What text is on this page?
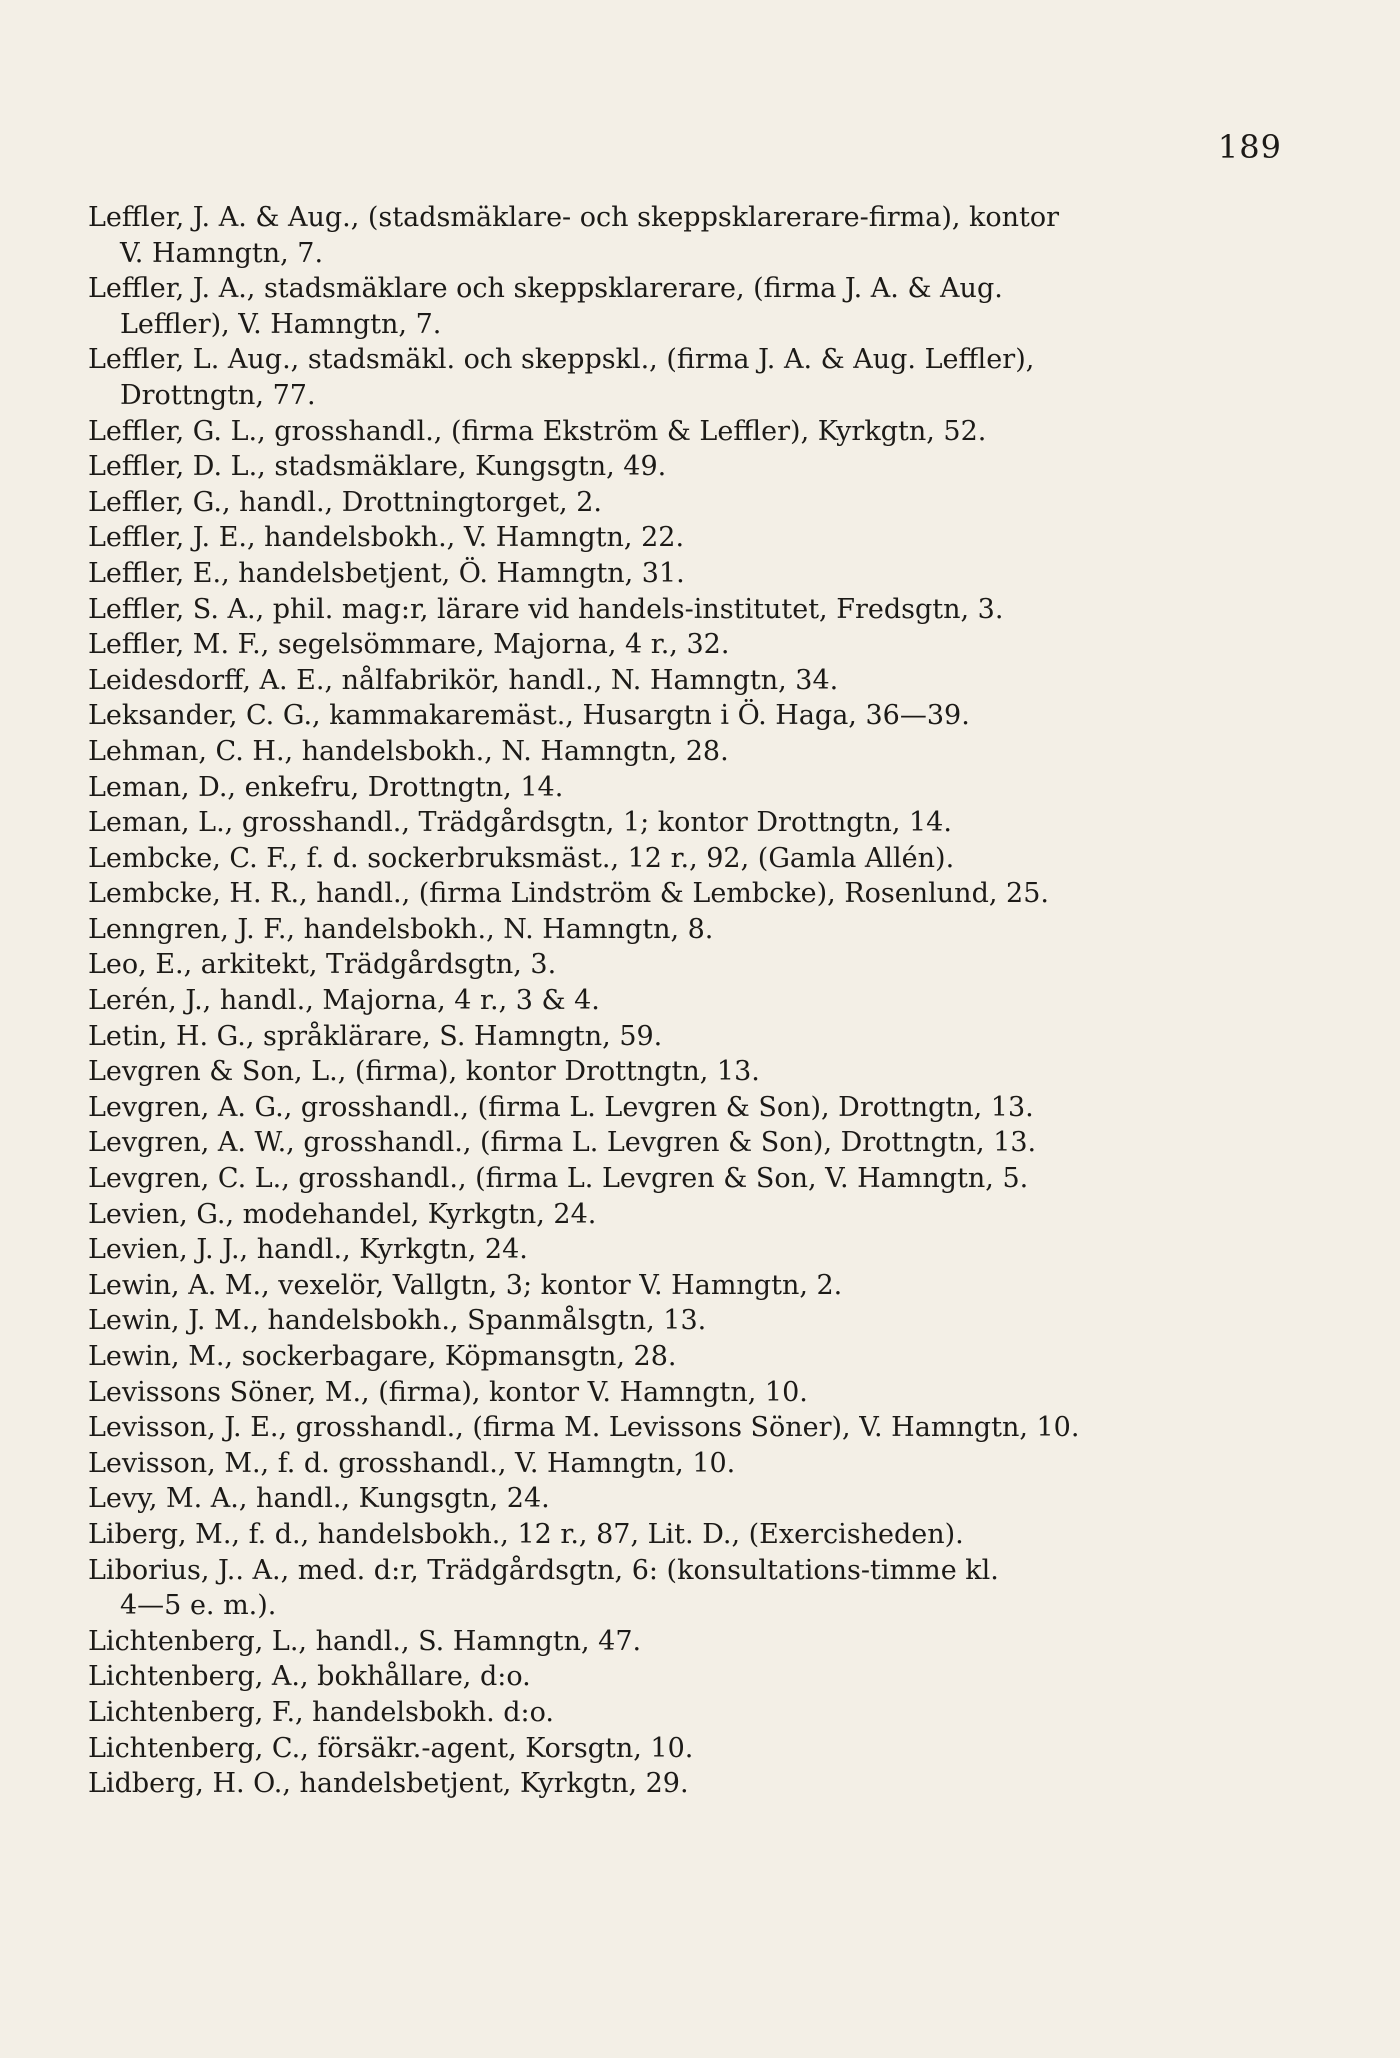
189
Leffler, J. A. & Aug., (stadsmäklare- och skeppsklarerare-firma), kontor
V. Hamngtn, 7.
Leffler, J. A., stadsmäklare och skeppsklarerare, (firma J. A. & Aug.
Leffler), V. Hamngtn, 7.
Leffler, L. Aug., stadsmäkl. och skeppskl., (firma J. A. & Aug. Leffler),
Drottngtn, 77.
Leffler, G. L., grosshandl., (firma Ekström & Leffler), Kyrkgtn, 52.
Leffler, D. L., stadsmäklare, Kungsgtn, 49.
Leffler, G., handl., Drottningtorget, 2.
Leffler, J. E., handelsbokh., V. Hamngtn, 22.
Leffler, E., handelsbetjent, Ö. Hamngtn, 31.
Leffler, S. A., phil. mag:r, lärare vid handels-institutet, Fredsgtn, 3.
Leffler, M. F., segelsömmare, Majorna, 4 r., 32.
Leidesdorff, A. E., nålfabrikör, handl., N. Hamngtn, 34.
Leksander, C. G., kammakaremäst., Husargtn i Ö. Haga, 36—39.
Lehman, C. H., handelsbokh., N. Hamngtn, 28.
Leman, D., enkefru, Drottngtn, 14.
Leman, L., grosshandl., Trädgårdsgtn, 1; kontor Drottngtn, 14.
Lembcke, C. F., f. d. sockerbruksmäst., 12 r., 92, (Gamla Allén).
Lembcke, H. R., handl., (firma Lindström & Lembcke), Rosenlund, 25.
Lenngren, J. F., handelsbokh., N. Hamngtn, 8.
Leo, E., arkitekt, Trädgårdsgtn, 3.
Lerén, J., handl., Majorna, 4 r., 3 & 4.
Letin, H. G., språklärare, S. Hamngtn, 59.
Levgren & Son, L., (firma), kontor Drottngtn, 13.
Levgren, A. G., grosshandl., (firma L. Levgren & Son), Drottngtn, 13.
Levgren, A. W., grosshandl., (firma L. Levgren & Son), Drottngtn, 13.
Levgren, C. L., grosshandl., (firma L. Levgren & Son, V. Hamngtn, 5.
Levien, G., modehandel, Kyrkgtn, 24.
Levien, J. J., handl., Kyrkgtn, 24.
Lewin, A. M., vexelör, Vallgtn, 3; kontor V. Hamngtn, 2.
Lewin, J. M., handelsbokh., Spanmålsgtn, 13.
Lewin, M., sockerbagare, Köpmansgtn, 28.
Levissons Söner, M., (firma), kontor V. Hamngtn, 10.
Levisson, J. E., grosshandl., (firma M. Levissons Söner), V. Hamngtn, 10.
Levisson, M., f. d. grosshandl., V. Hamngtn, 10.
Levy, M. A., handl., Kungsgtn, 24.
Liberg, M., f. d., handelsbokh., 12 r., 87, Lit. D., (Exercisheden).
Liborius, J.. A., med. d:r, Trädgårdsgtn, 6: (konsultations-timme kl.
4—5 e. m.).
Lichtenberg, L., handl., S. Hamngtn, 47.
Lichtenberg, A., bokhållare, d:o.
Lichtenberg, F., handelsbokh. d:o.
Lichtenberg, C., försäkr.-agent, Korsgtn, 10.
Lidberg, H. O., handelsbetjent, Kyrkgtn, 29.
